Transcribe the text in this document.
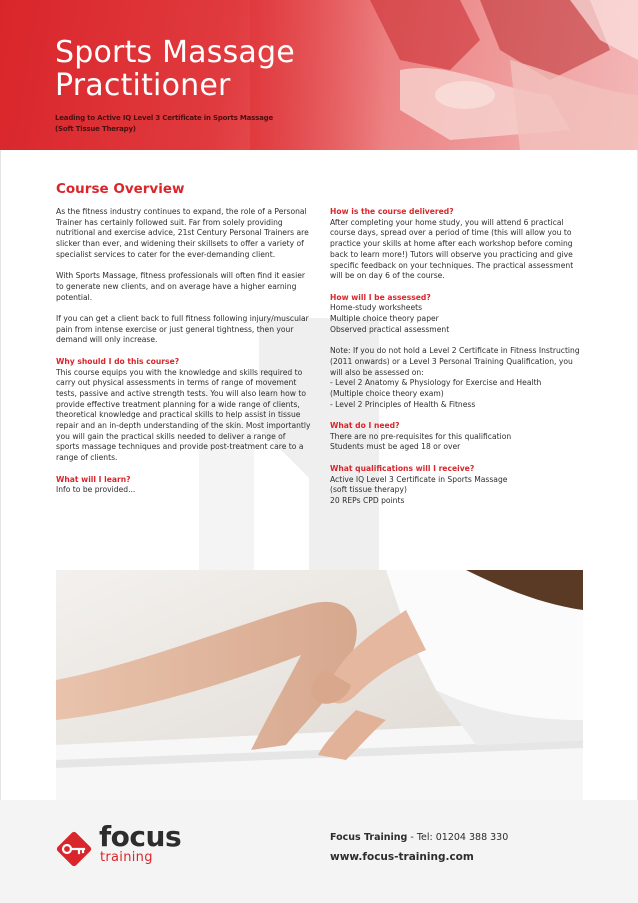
Sports Massage
Practitioner
Leading to Active IQ Level 3 Certificate in Sports Massage (Soft Tissue Therapy)
Course Overview

As the fitness industry continues to expand, the role of a Personal Trainer has certainly followed suit. Far from solely providing nutritional and exercise advice, 21st Century Personal Trainers are slicker than ever, and widening their skillsets to offer a variety of specialist services to cater for the ever-demanding client.

With Sports Massage, fitness professionals will often find it easier to generate new clients, and on average have a higher earning potential.

If you can get a client back to full fitness following injury/muscular pain from intense exercise or just general tightness, then your demand will only increase.

Why should I do this course?

This course equips you with the knowledge and skills required to carry out physical assessments in terms of range of movement tests, passive and active strength tests. You will also learn how to provide effective treatment planning for a wide range of clients, theoretical knowledge and practical skills to help assist in tissue repair and an in-depth understanding of the skin. Most importantly you will gain the practical skills needed to deliver a range of sports massage techniques and provide post-treatment care to a range of clients.

What will I learn?

Info to be provided...

How is the course delivered?

After completing your home study, you will attend 6 practical course days, spread over a period of time (this will allow you to practice your skills at home after each workshop before coming back to learn more!) Tutors will observe you practicing and give specific feedback on your techniques. The practical assessment will be on day 6 of the course.

How will I be assessed?
Home-study worksheets
Multiple choice theory paper
Observed practical assessment
Note: If you do not hold a Level 2 Certificate in Fitness Instructing (2011 onwards) or a Level 3 Personal Training Qualification, you will also be assessed on:
- Level 2 Anatomy & Physiology for Exercise and Health
(Multiple choice theory exam)
- Level 2 Principles of Health & Fitness
What do I need?
There are no pre-requisites for this qualification
Students must be aged 18 or over
What qualifications will I receive?
Active IQ Level 3 Certificate in Sports Massage
(soft tissue therapy)
20 REPs CPD points
focus
training
Focus Training - Tel: 01204 388 330
www.focus-training.com
